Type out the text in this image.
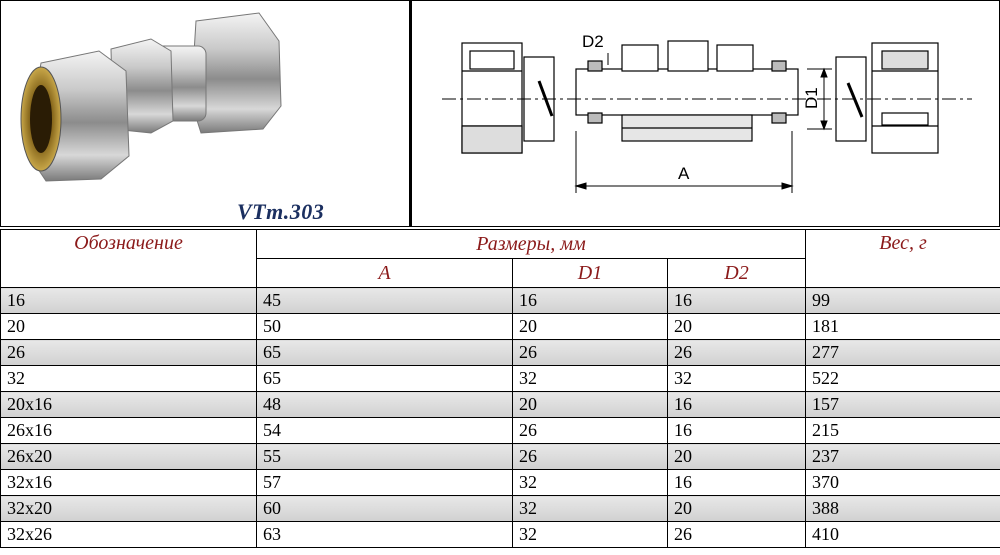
VTm.303
D2
D1
A
Обозначение	Размеры, мм			Вес, г
	A	D1	D2	
16	45	16	16	99
20	50	20	20	181
26	65	26	26	277
32	65	32	32	522
20x16	48	20	16	157
26x16	54	26	16	215
26x20	55	26	20	237
32x16	57	32	16	370
32x20	60	32	20	388
32x26	63	32	26	410
